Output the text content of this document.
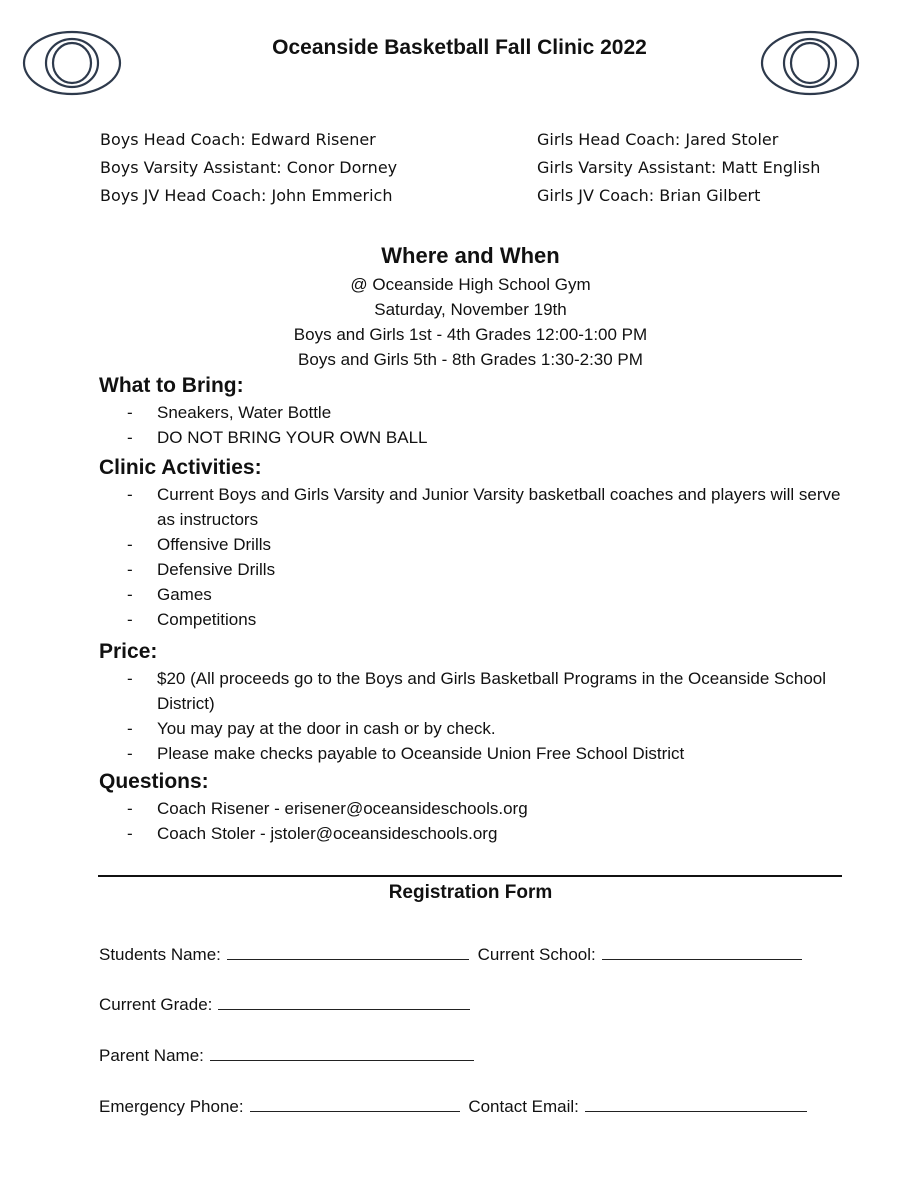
Oceanside Basketball Fall Clinic 2022
Boys Head Coach: Edward Risener
Boys Varsity Assistant: Conor Dorney
Boys JV Head Coach: John Emmerich
Girls Head Coach: Jared Stoler
Girls Varsity Assistant: Matt English
Girls JV Coach: Brian Gilbert
Where and When
@ Oceanside High School Gym
Saturday, November 19th
Boys and Girls 1st - 4th Grades 12:00-1:00 PM
Boys and Girls 5th - 8th Grades 1:30-2:30 PM
What to Bring:
- Sneakers, Water Bottle
- DO NOT BRING YOUR OWN BALL
Clinic Activities:
- Current Boys and Girls Varsity and Junior Varsity basketball coaches and players will serve as instructors
- Offensive Drills
- Defensive Drills
- Games
- Competitions
Price:
- $20 (All proceeds go to the Boys and Girls Basketball Programs in the Oceanside School District)
- You may pay at the door in cash or by check.
- Please make checks payable to Oceanside Union Free School District
Questions:
- Coach Risener - erisener@oceansideschools.org
- Coach Stoler - jstoler@oceansideschools.org
Registration Form
Students Name:	Current School:
Current Grade:
Parent Name:
Emergency Phone:	Contact Email:
